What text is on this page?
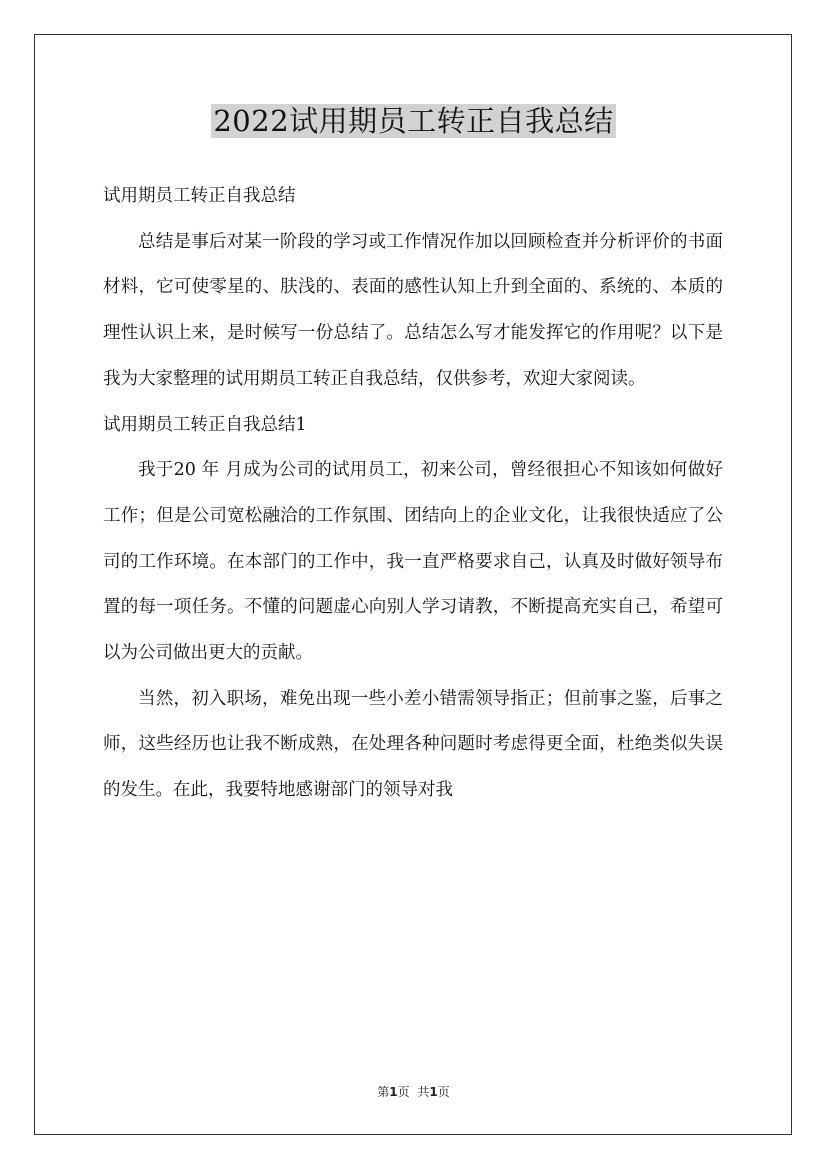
2022试用期员工转正自我总结

试用期员工转正自我总结

总结是事后对某一阶段的学习或工作情况作加以回顾检查并分析评价的书面材料，它可使零星的、肤浅的、表面的感性认知上升到全面的、系统的、本质的理性认识上来，是时候写一份总结了。总结怎么写才能发挥它的作用呢？以下是我为大家整理的试用期员工转正自我总结，仅供参考，欢迎大家阅读。

试用期员工转正自我总结1

我于20 年 月成为公司的试用员工，初来公司，曾经很担心不知该如何做好工作；但是公司宽松融洽的工作氛围、团结向上的企业文化，让我很快适应了公司的工作环境。在本部门的工作中，我一直严格要求自己，认真及时做好领导布置的每一项任务。不懂的问题虚心向别人学习请教，不断提高充实自己，希望可以为公司做出更大的贡献。

当然，初入职场，难免出现一些小差小错需领导指正；但前事之鉴，后事之师，这些经历也让我不断成熟，在处理各种问题时考虑得更全面，杜绝类似失误的发生。在此，我要特地感谢部门的领导对我

第1页 共1页
